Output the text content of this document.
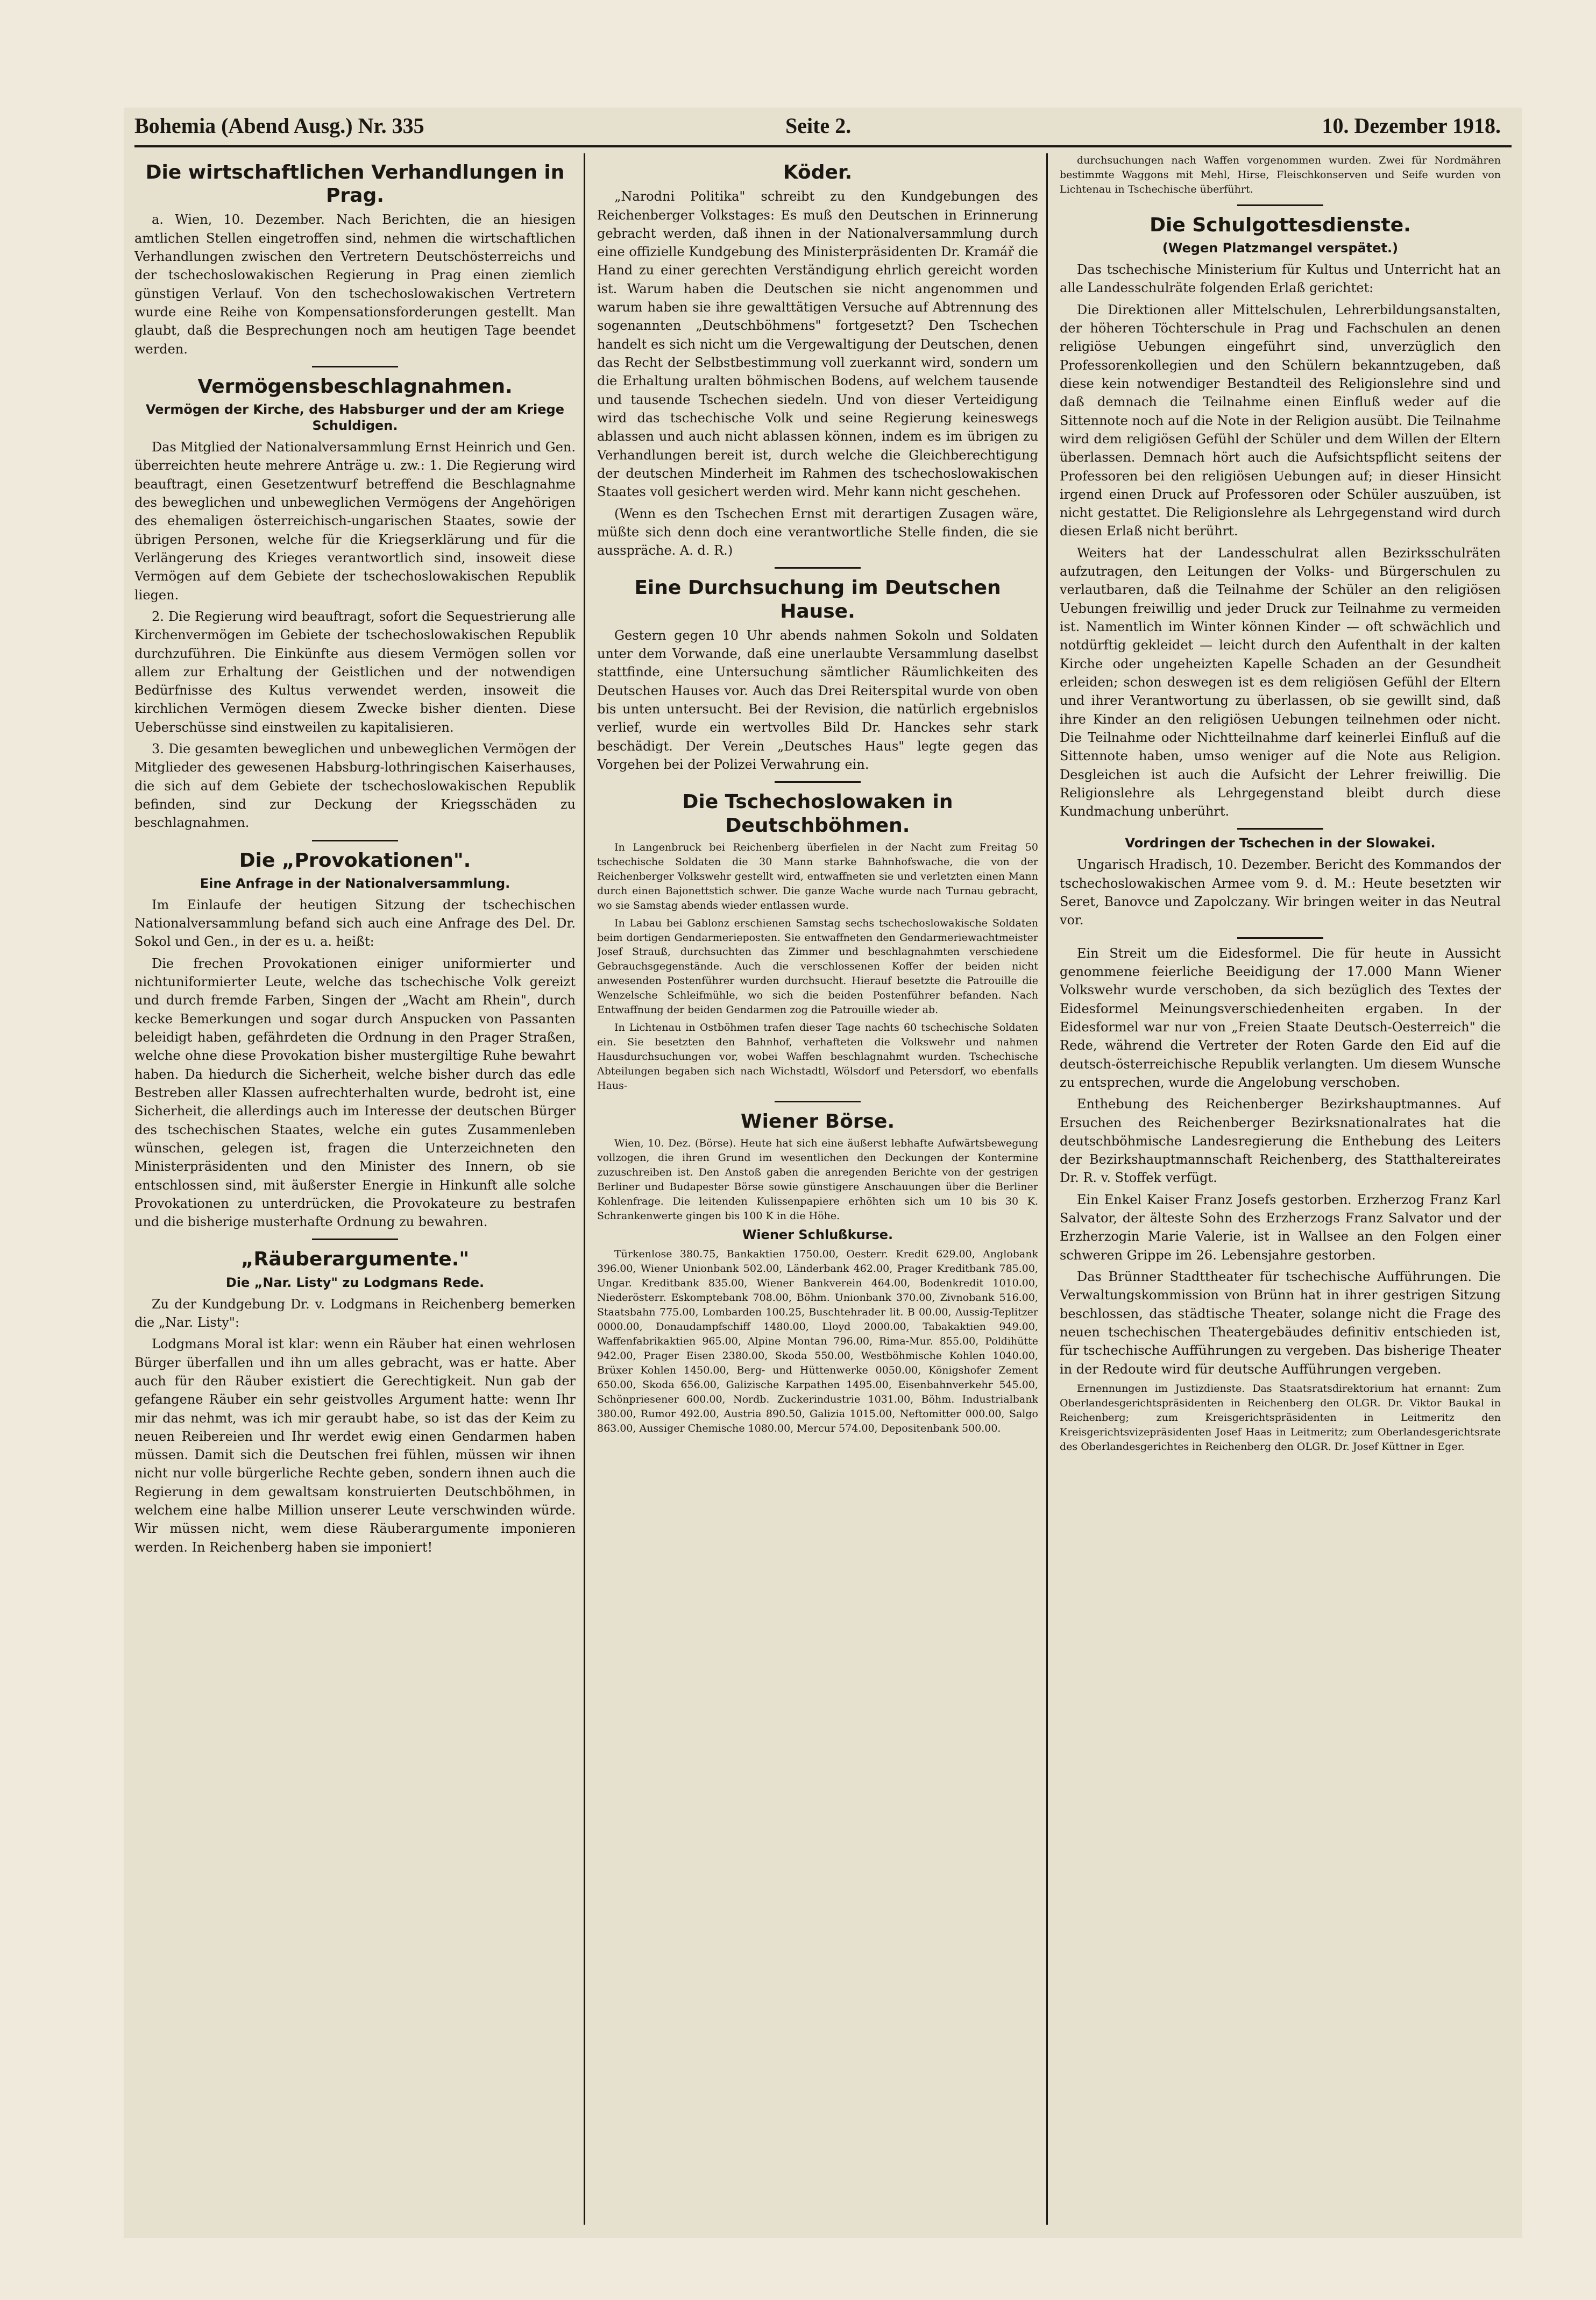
Bohemia (Abend Ausg.) Nr. 335	Seite 2.	10. Dezember 1918.
Die wirtschaftlichen Verhandlungen in Prag.

a. Wien, 10. Dezember. Nach Berichten, die an hiesigen amtlichen Stellen eingetroffen sind, nehmen die wirtschaftlichen Verhandlungen zwischen den Vertretern Deutschösterreichs und der tschechoslowakischen Regierung in Prag einen ziemlich günstigen Verlauf. Von den tschechoslowakischen Vertretern wurde eine Reihe von Kompensationsforderungen gestellt. Man glaubt, daß die Besprechungen noch am heutigen Tage beendet werden.

Vermögensbeschlagnahmen.
Vermögen der Kirche, des Habsburger und der am Kriege Schuldigen.

Das Mitglied der Nationalversammlung Ernst Heinrich und Gen. überreichten heute mehrere Anträge u. zw.: 1. Die Regierung wird beauftragt, einen Gesetzentwurf betreffend die Beschlagnahme des beweglichen und unbeweglichen Vermögens der Angehörigen des ehemaligen österreichisch-ungarischen Staates, sowie der übrigen Personen, welche für die Kriegserklärung und für die Verlängerung des Krieges verantwortlich sind, insoweit diese Vermögen auf dem Gebiete der tschechoslowakischen Republik liegen.

2. Die Regierung wird beauftragt, sofort die Sequestrierung alle Kirchenvermögen im Gebiete der tschechoslowakischen Republik durchzuführen. Die Einkünfte aus diesem Vermögen sollen vor allem zur Erhaltung der Geistlichen und der notwendigen Bedürfnisse des Kultus verwendet werden, insoweit die kirchlichen Vermögen diesem Zwecke bisher dienten. Diese Ueberschüsse sind einstweilen zu kapitalisieren.

3. Die gesamten beweglichen und unbeweglichen Vermögen der Mitglieder des gewesenen Habsburg-lothringischen Kaiserhauses, die sich auf dem Gebiete der tschechoslowakischen Republik befinden, sind zur Deckung der Kriegsschäden zu beschlagnahmen.

Die „Provokationen".
Eine Anfrage in der Nationalversammlung.

Im Einlaufe der heutigen Sitzung der tschechischen Nationalversammlung befand sich auch eine Anfrage des Del. Dr. Sokol und Gen., in der es u. a. heißt:

Die frechen Provokationen einiger uniformierter und nichtuniformierter Leute, welche das tschechische Volk gereizt und durch fremde Farben, Singen der „Wacht am Rhein", durch kecke Bemerkungen und sogar durch Anspucken von Passanten beleidigt haben, gefährdeten die Ordnung in den Prager Straßen, welche ohne diese Provokation bisher mustergiltige Ruhe bewahrt haben. Da hiedurch die Sicherheit, welche bisher durch das edle Bestreben aller Klassen aufrechterhalten wurde, bedroht ist, eine Sicherheit, die allerdings auch im Interesse der deutschen Bürger des tschechischen Staates, welche ein gutes Zusammenleben wünschen, gelegen ist, fragen die Unterzeichneten den Ministerpräsidenten und den Minister des Innern, ob sie entschlossen sind, mit äußerster Energie in Hinkunft alle solche Provokationen zu unterdrücken, die Provokateure zu bestrafen und die bisherige musterhafte Ordnung zu bewahren.

„Räuberargumente."
Die „Nar. Listy" zu Lodgmans Rede.

Zu der Kundgebung Dr. v. Lodgmans in Reichenberg bemerken die „Nar. Listy":

Lodgmans Moral ist klar: wenn ein Räuber hat einen wehrlosen Bürger überfallen und ihn um alles gebracht, was er hatte. Aber auch für den Räuber existiert die Gerechtigkeit. Nun gab der gefangene Räuber ein sehr geistvolles Argument hatte: wenn Ihr mir das nehmt, was ich mir geraubt habe, so ist das der Keim zu neuen Reibereien und Ihr werdet ewig einen Gendarmen haben müssen. Damit sich die Deutschen frei fühlen, müssen wir ihnen nicht nur volle bürgerliche Rechte geben, sondern ihnen auch die Regierung in dem gewaltsam konstruierten Deutschböhmen, in welchem eine halbe Million unserer Leute verschwinden würde. Wir müssen nicht, wem diese Räuberargumente imponieren werden. In Reichenberg haben sie imponiert!

Köder.

„Narodni Politika" schreibt zu den Kundgebungen des Reichenberger Volkstages: Es muß den Deutschen in Erinnerung gebracht werden, daß ihnen in der Nationalversammlung durch eine offizielle Kundgebung des Ministerpräsidenten Dr. Kramář die Hand zu einer gerechten Verständigung ehrlich gereicht worden ist. Warum haben die Deutschen sie nicht angenommen und warum haben sie ihre gewalttätigen Versuche auf Abtrennung des sogenannten „Deutschböhmens" fortgesetzt? Den Tschechen handelt es sich nicht um die Vergewaltigung der Deutschen, denen das Recht der Selbstbestimmung voll zuerkannt wird, sondern um die Erhaltung uralten böhmischen Bodens, auf welchem tausende und tausende Tschechen siedeln. Und von dieser Verteidigung wird das tschechische Volk und seine Regierung keineswegs ablassen und auch nicht ablassen können, indem es im übrigen zu Verhandlungen bereit ist, durch welche die Gleichberechtigung der deutschen Minderheit im Rahmen des tschechoslowakischen Staates voll gesichert werden wird. Mehr kann nicht geschehen.

(Wenn es den Tschechen Ernst mit derartigen Zusagen wäre, müßte sich denn doch eine verantwortliche Stelle finden, die sie ausspräche. A. d. R.)

Eine Durchsuchung im Deutschen Hause.

Gestern gegen 10 Uhr abends nahmen Sokoln und Soldaten unter dem Vorwande, daß eine unerlaubte Versammlung daselbst stattfinde, eine Untersuchung sämtlicher Räumlichkeiten des Deutschen Hauses vor. Auch das Drei Reiterspital wurde von oben bis unten untersucht. Bei der Revision, die natürlich ergebnislos verlief, wurde ein wertvolles Bild Dr. Hanckes sehr stark beschädigt. Der Verein „Deutsches Haus" legte gegen das Vorgehen bei der Polizei Verwahrung ein.

Die Tschechoslowaken in Deutschböhmen.

In Langenbruck bei Reichenberg überfielen in der Nacht zum Freitag 50 tschechische Soldaten die 30 Mann starke Bahnhofswache, die von der Reichenberger Volkswehr gestellt wird, entwaffneten sie und verletzten einen Mann durch einen Bajonettstich schwer. Die ganze Wache wurde nach Turnau gebracht, wo sie Samstag abends wieder entlassen wurde.

In Labau bei Gablonz erschienen Samstag sechs tschechoslowakische Soldaten beim dortigen Gendarmerieposten. Sie entwaffneten den Gendarmeriewachtmeister Josef Strauß, durchsuchten das Zimmer und beschlagnahmten verschiedene Gebrauchsgegenstände. Auch die verschlossenen Koffer der beiden nicht anwesenden Postenführer wurden durchsucht. Hierauf besetzte die Patrouille die Wenzelsche Schleifmühle, wo sich die beiden Postenführer befanden. Nach Entwaffnung der beiden Gendarmen zog die Patrouille wieder ab.

In Lichtenau in Ostböhmen trafen dieser Tage nachts 60 tschechische Soldaten ein. Sie besetzten den Bahnhof, verhafteten die Volkswehr und nahmen Hausdurchsuchungen vor, wobei Waffen beschlagnahmt wurden. Tschechische Abteilungen begaben sich nach Wichstadtl, Wölsdorf und Petersdorf, wo ebenfalls Haus-

Wiener Börse.

Wien, 10. Dez. (Börse). Heute hat sich eine äußerst lebhafte Aufwärtsbewegung vollzogen, die ihren Grund im wesentlichen den Deckungen der Kontermine zuzuschreiben ist. Den Anstoß gaben die anregenden Berichte von der gestrigen Berliner und Budapester Börse sowie günstigere Anschauungen über die Berliner Kohlenfrage. Die leitenden Kulissenpapiere erhöhten sich um 10 bis 30 K. Schrankenwerte gingen bis 100 K in die Höhe.

Wiener Schlußkurse.

Türkenlose 380.75, Bankaktien 1750.00, Oesterr. Kredit 629.00, Anglobank 396.00, Wiener Unionbank 502.00, Länderbank 462.00, Prager Kreditbank 785.00, Ungar. Kreditbank 835.00, Wiener Bankverein 464.00, Bodenkredit 1010.00, Niederösterr. Eskomptebank 708.00, Böhm. Unionbank 370.00, Zivnobank 516.00, Staatsbahn 775.00, Lombarden 100.25, Buschtehrader lit. B 00.00, Aussig-Teplitzer 0000.00, Donaudampfschiff 1480.00, Lloyd 2000.00, Tabakaktien 949.00, Waffenfabrikaktien 965.00, Alpine Montan 796.00, Rima-Mur. 855.00, Poldihütte 942.00, Prager Eisen 2380.00, Skoda 550.00, Westböhmische Kohlen 1040.00, Brüxer Kohlen 1450.00, Berg- und Hüttenwerke 0050.00, Königshofer Zement 650.00, Skoda 656.00, Galizische Karpathen 1495.00, Eisenbahnverkehr 545.00, Schönpriesener 600.00, Nordb. Zuckerindustrie 1031.00, Böhm. Industrialbank 380.00, Rumor 492.00, Austria 890.50, Galizia 1015.00, Neftomitter 000.00, Salgo 863.00, Aussiger Chemische 1080.00, Mercur 574.00, Depositenbank 500.00.

durchsuchungen nach Waffen vorgenommen wurden. Zwei für Nordmähren bestimmte Waggons mit Mehl, Hirse, Fleischkonserven und Seife wurden von Lichtenau in Tschechische überführt.

Die Schulgottesdienste.
(Wegen Platzmangel verspätet.)

Das tschechische Ministerium für Kultus und Unterricht hat an alle Landesschulräte folgenden Erlaß gerichtet:

Die Direktionen aller Mittelschulen, Lehrerbildungsanstalten, der höheren Töchterschule in Prag und Fachschulen an denen religiöse Uebungen eingeführt sind, unverzüglich den Professorenkollegien und den Schülern bekanntzugeben, daß diese kein notwendiger Bestandteil des Religionslehre sind und daß demnach die Teilnahme einen Einfluß weder auf die Sittennote noch auf die Note in der Religion ausübt. Die Teilnahme wird dem religiösen Gefühl der Schüler und dem Willen der Eltern überlassen. Demnach hört auch die Aufsichtspflicht seitens der Professoren bei den religiösen Uebungen auf; in dieser Hinsicht irgend einen Druck auf Professoren oder Schüler auszuüben, ist nicht gestattet. Die Religionslehre als Lehrgegenstand wird durch diesen Erlaß nicht berührt.

Weiters hat der Landesschulrat allen Bezirksschulräten aufzutragen, den Leitungen der Volks- und Bürgerschulen zu verlautbaren, daß die Teilnahme der Schüler an den religiösen Uebungen freiwillig und jeder Druck zur Teilnahme zu vermeiden ist. Namentlich im Winter können Kinder — oft schwächlich und notdürftig gekleidet — leicht durch den Aufenthalt in der kalten Kirche oder ungeheizten Kapelle Schaden an der Gesundheit erleiden; schon deswegen ist es dem religiösen Gefühl der Eltern und ihrer Verantwortung zu überlassen, ob sie gewillt sind, daß ihre Kinder an den religiösen Uebungen teilnehmen oder nicht. Die Teilnahme oder Nichtteilnahme darf keinerlei Einfluß auf die Sittennote haben, umso weniger auf die Note aus Religion. Desgleichen ist auch die Aufsicht der Lehrer freiwillig. Die Religionslehre als Lehrgegenstand bleibt durch diese Kundmachung unberührt.

Vordringen der Tschechen in der Slowakei.

Ungarisch Hradisch, 10. Dezember. Bericht des Kommandos der tschechoslowakischen Armee vom 9. d. M.: Heute besetzten wir Seret, Banovce und Zapolczany. Wir bringen weiter in das Neutral vor.

Ein Streit um die Eidesformel. Die für heute in Aussicht genommene feierliche Beeidigung der 17.000 Mann Wiener Volkswehr wurde verschoben, da sich bezüglich des Textes der Eidesformel Meinungsverschiedenheiten ergaben. In der Eidesformel war nur von „Freien Staate Deutsch-Oesterreich" die Rede, während die Vertreter der Roten Garde den Eid auf die deutsch-österreichische Republik verlangten. Um diesem Wunsche zu entsprechen, wurde die Angelobung verschoben.

Enthebung des Reichenberger Bezirkshauptmannes. Auf Ersuchen des Reichenberger Bezirksnationalrates hat die deutschböhmische Landesregierung die Enthebung des Leiters der Bezirkshauptmannschaft Reichenberg, des Statthaltereirates Dr. R. v. Stoffek verfügt.

Ein Enkel Kaiser Franz Josefs gestorben. Erzherzog Franz Karl Salvator, der älteste Sohn des Erzherzogs Franz Salvator und der Erzherzogin Marie Valerie, ist in Wallsee an den Folgen einer schweren Grippe im 26. Lebensjahre gestorben.

Das Brünner Stadttheater für tschechische Aufführungen. Die Verwaltungskommission von Brünn hat in ihrer gestrigen Sitzung beschlossen, das städtische Theater, solange nicht die Frage des neuen tschechischen Theatergebäudes definitiv entschieden ist, für tschechische Aufführungen zu vergeben. Das bisherige Theater in der Redoute wird für deutsche Aufführungen vergeben.

Ernennungen im Justizdienste. Das Staatsratsdirektorium hat ernannt: Zum Oberlandesgerichtspräsidenten in Reichenberg den OLGR. Dr. Viktor Baukal in Reichenberg; zum Kreisgerichtspräsidenten in Leitmeritz den Kreisgerichtsvizepräsidenten Josef Haas in Leitmeritz; zum Oberlandesgerichtsrate des Oberlandesgerichtes in Reichenberg den OLGR. Dr. Josef Küttner in Eger.
